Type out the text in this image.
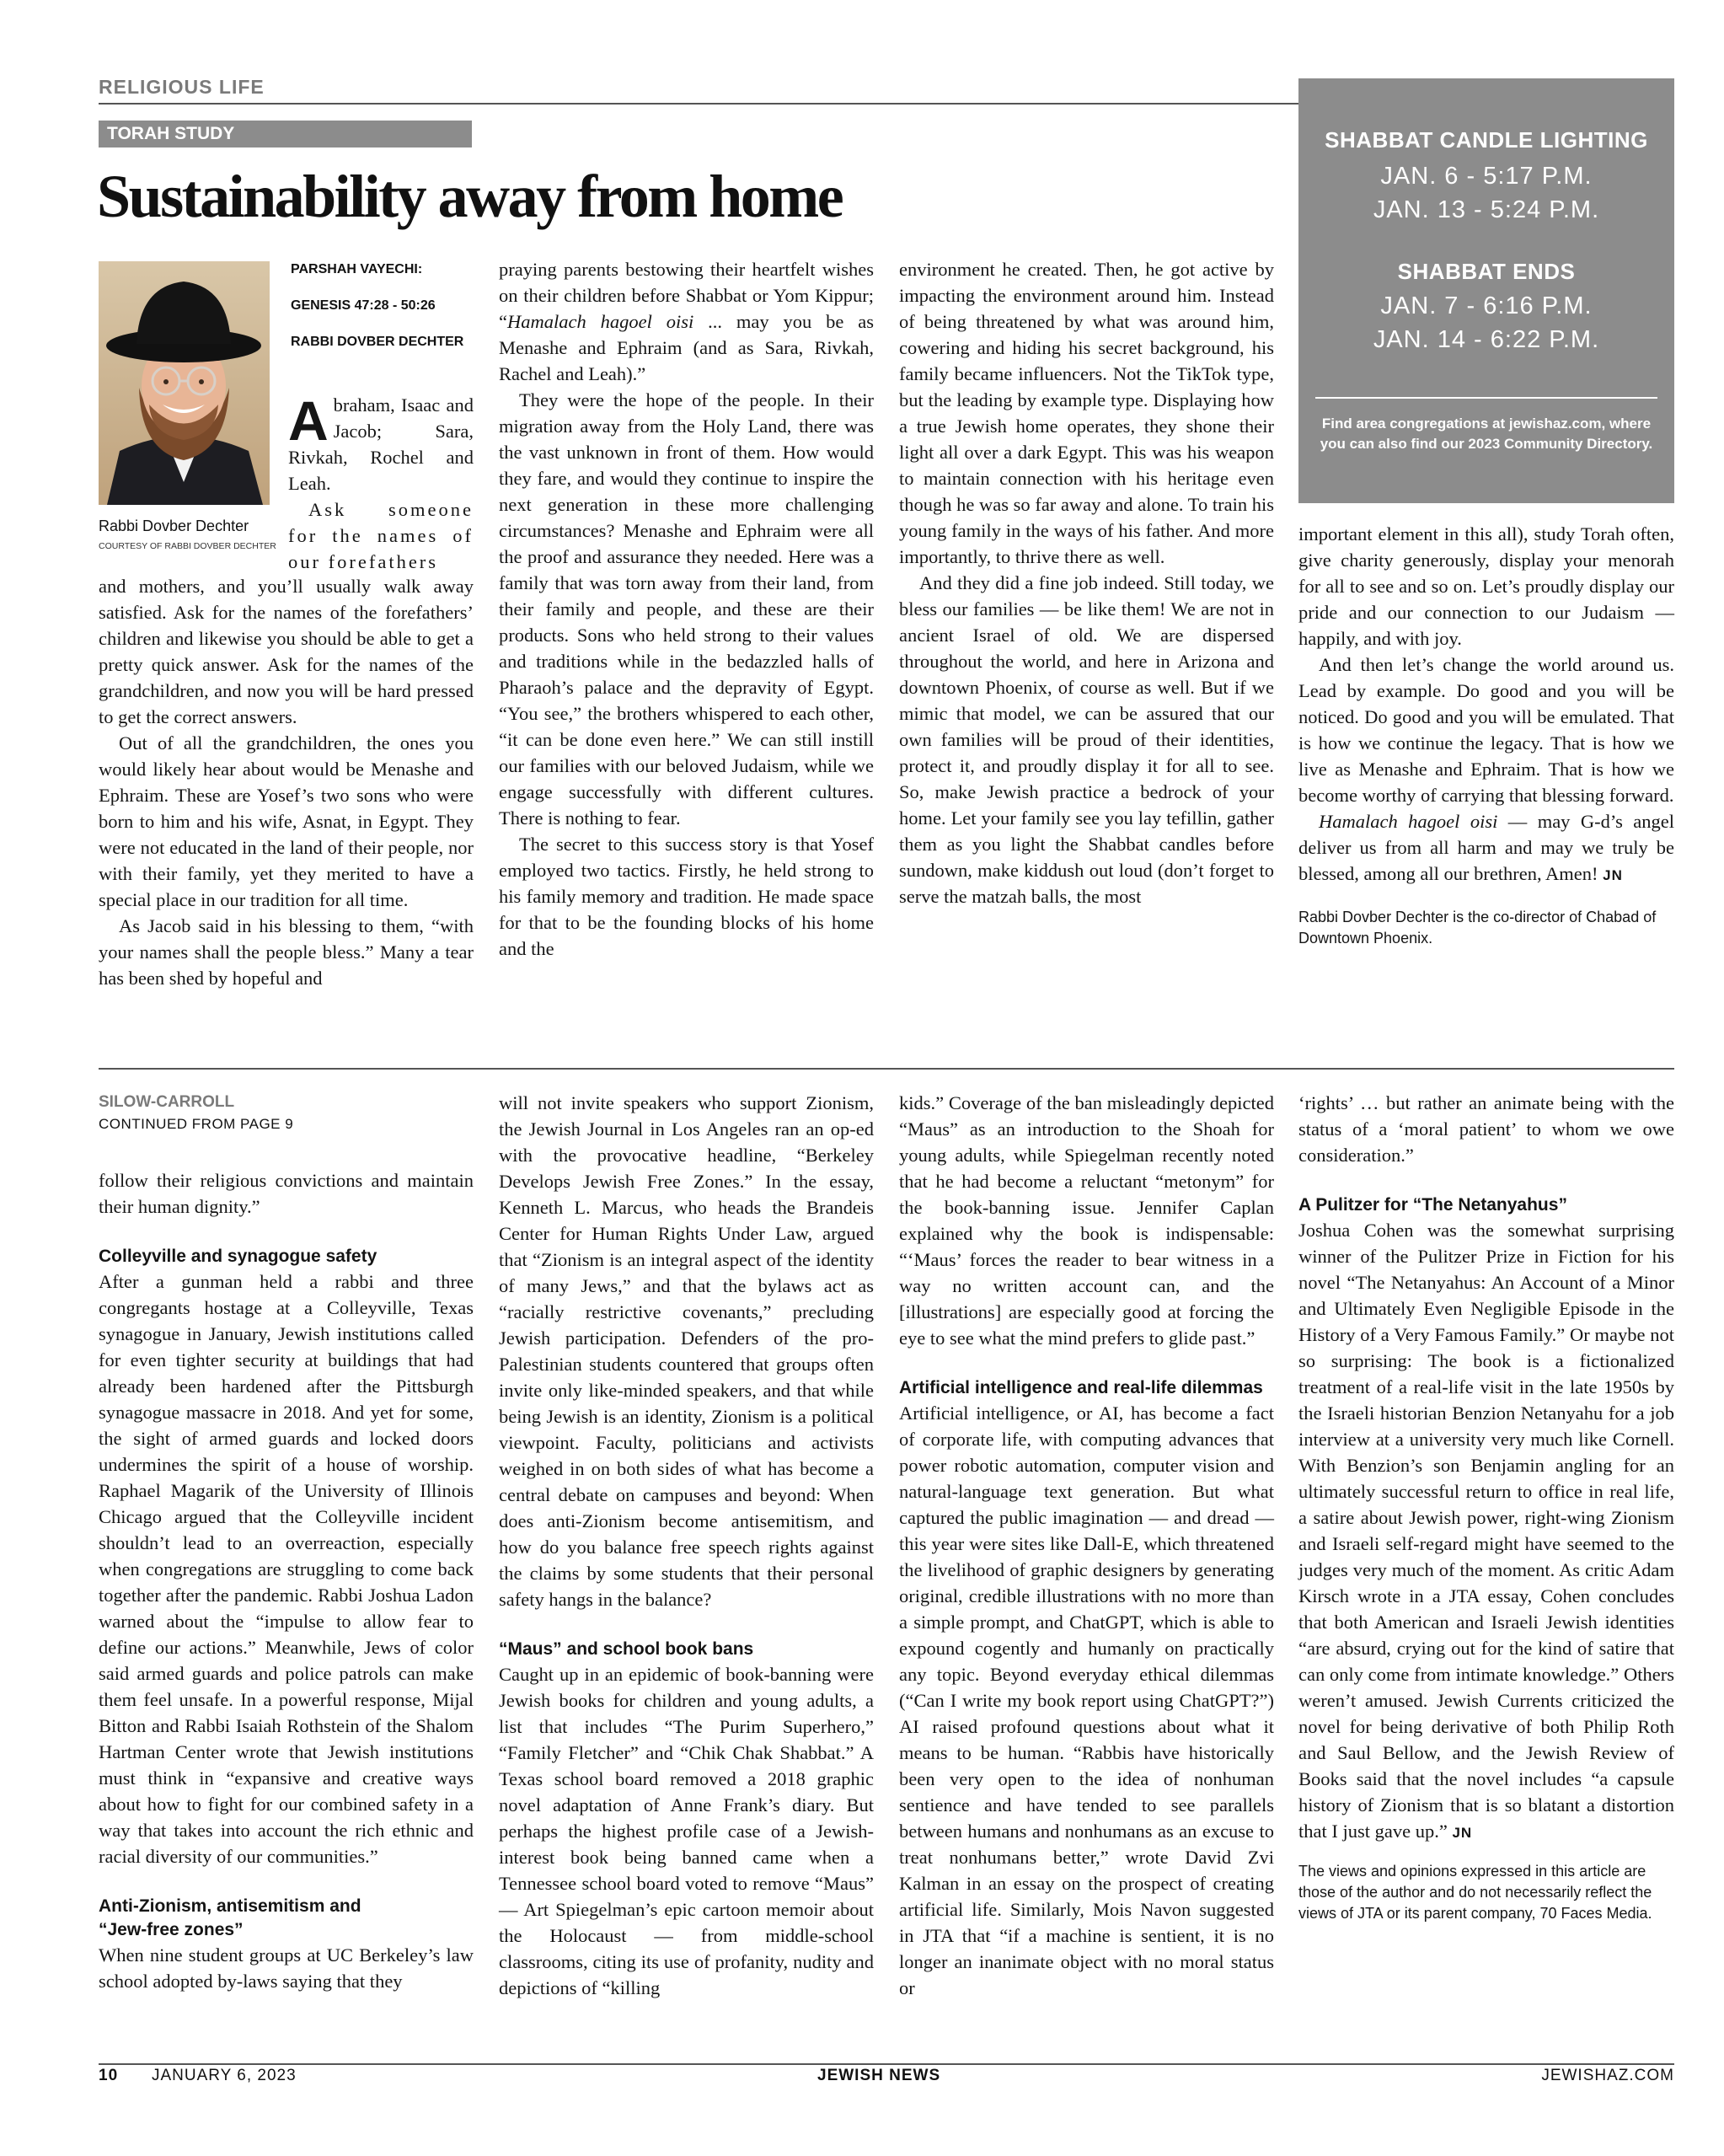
RELIGIOUS LIFE
TORAH STUDY
Sustainability away from home
SHABBAT CANDLE LIGHTING
JAN. 6 - 5:17 P.M.
JAN. 13 - 5:24 P.M.
SHABBAT ENDS
JAN. 7 - 6:16 P.M.
JAN. 14 - 6:22 P.M.
Find area congregations at jewishaz.com, where you can also find our 2023 Community Directory.
Rabbi Dovber Dechter
COURTESY OF RABBI DOVBER DECHTER
PARSHAH VAYECHI:
GENESIS 47:28 - 50:26
RABBI DOVBER DECHTER

Abraham, Isaac and Jacob; Sara, Rivkah, Rochel and Leah.

Ask someone for the names of our forefathers

and mothers, and you’ll usually walk away satisfied. Ask for the names of the forefathers’ children and likewise you should be able to get a pretty quick answer. Ask for the names of the grandchildren, and now you will be hard pressed to get the correct answers.

Out of all the grandchildren, the ones you would likely hear about would be Menashe and Ephraim. These are Yosef’s two sons who were born to him and his wife, Asnat, in Egypt. They were not educated in the land of their people, nor with their family, yet they merited to have a special place in our tradition for all time.

As Jacob said in his blessing to them, “with your names shall the people bless.” Many a tear has been shed by hopeful and

praying parents bestowing their heartfelt wishes on their children before Shabbat or Yom Kippur; “Hamalach hagoel oisi ... may you be as Menashe and Ephraim (and as Sara, Rivkah, Rachel and Leah).”

They were the hope of the people. In their migration away from the Holy Land, there was the vast unknown in front of them. How would they fare, and would they continue to inspire the next generation in these more challenging circumstances? Menashe and Ephraim were all the proof and assurance they needed. Here was a family that was torn away from their land, from their family and people, and these are their products. Sons who held strong to their values and traditions while in the bedazzled halls of Pharaoh’s palace and the depravity of Egypt. “You see,” the brothers whispered to each other, “it can be done even here.” We can still instill our families with our beloved Judaism, while we engage successfully with different cultures. There is nothing to fear.

The secret to this success story is that Yosef employed two tactics. Firstly, he held strong to his family memory and tradition. He made space for that to be the founding blocks of his home and the

environment he created. Then, he got active by impacting the environment around him. Instead of being threatened by what was around him, cowering and hiding his secret background, his family became influencers. Not the TikTok type, but the leading by example type. Displaying how a true Jewish home operates, they shone their light all over a dark Egypt. This was his weapon to maintain connection with his heritage even though he was so far away and alone. To train his young family in the ways of his father. And more importantly, to thrive there as well.

And they did a fine job indeed. Still today, we bless our families — be like them! We are not in ancient Israel of old. We are dispersed throughout the world, and here in Arizona and downtown Phoenix, of course as well. But if we mimic that model, we can be assured that our own families will be proud of their identities, protect it, and proudly display it for all to see. So, make Jewish practice a bedrock of your home. Let your family see you lay tefillin, gather them as you light the Shabbat candles before sundown, make kiddush out loud (don’t forget to serve the matzah balls, the most

important element in this all), study Torah often, give charity generously, display your menorah for all to see and so on. Let’s proudly display our pride and our connection to our Judaism — happily, and with joy.

And then let’s change the world around us. Lead by example. Do good and you will be noticed. Do good and you will be emulated. That is how we continue the legacy. That is how we live as Menashe and Ephraim. That is how we become worthy of carrying that blessing forward.

Hamalach hagoel oisi — may G-d’s angel deliver us from all harm and may we truly be blessed, among all our brethren, Amen! JN

Rabbi Dovber Dechter is the co-director of Chabad of Downtown Phoenix.
SILOW-CARROLL
CONTINUED FROM PAGE 9

follow their religious convictions and maintain their human dignity.”

Colleyville and synagogue safety

After a gunman held a rabbi and three congregants hostage at a Colleyville, Texas synagogue in January, Jewish institutions called for even tighter security at buildings that had already been hardened after the Pittsburgh synagogue massacre in 2018. And yet for some, the sight of armed guards and locked doors undermines the spirit of a house of worship. Raphael Magarik of the University of Illinois Chicago argued that the Colleyville incident shouldn’t lead to an overreaction, especially when congregations are struggling to come back together after the pandemic. Rabbi Joshua Ladon warned about the “impulse to allow fear to define our actions.” Meanwhile, Jews of color said armed guards and police patrols can make them feel unsafe. In a powerful response, Mijal Bitton and Rabbi Isaiah Rothstein of the Shalom Hartman Center wrote that Jewish institutions must think in “expansive and creative ways about how to fight for our combined safety in a way that takes into account the rich ethnic and racial diversity of our communities.”

Anti-Zionism, antisemitism and
“Jew-free zones”

When nine student groups at UC Berkeley’s law school adopted by-laws saying that they

will not invite speakers who support Zionism, the Jewish Journal in Los Angeles ran an op-ed with the provocative headline, “Berkeley Develops Jewish Free Zones.” In the essay, Kenneth L. Marcus, who heads the Brandeis Center for Human Rights Under Law, argued that “Zionism is an integral aspect of the identity of many Jews,” and that the bylaws act as “racially restrictive covenants,” precluding Jewish participation. Defenders of the pro-Palestinian students countered that groups often invite only like-minded speakers, and that while being Jewish is an identity, Zionism is a political viewpoint. Faculty, politicians and activists weighed in on both sides of what has become a central debate on campuses and beyond: When does anti-Zionism become antisemitism, and how do you balance free speech rights against the claims by some students that their personal safety hangs in the balance?

“Maus” and school book bans

Caught up in an epidemic of book-banning were Jewish books for children and young adults, a list that includes “The Purim Superhero,” “Family Fletcher” and “Chik Chak Shabbat.” A Texas school board removed a 2018 graphic novel adaptation of Anne Frank’s diary. But perhaps the highest profile case of a Jewish-interest book being banned came when a Tennessee school board voted to remove “Maus” — Art Spiegelman’s epic cartoon memoir about the Holocaust — from middle-school classrooms, citing its use of profanity, nudity and depictions of “killing

kids.” Coverage of the ban misleadingly depicted “Maus” as an introduction to the Shoah for young adults, while Spiegelman recently noted that he had become a reluctant “metonym” for the book-banning issue. Jennifer Caplan explained why the book is indispensable: “‘Maus’ forces the reader to bear witness in a way no written account can, and the [illustrations] are especially good at forcing the eye to see what the mind prefers to glide past.”

Artificial intelligence and real-life dilemmas

Artificial intelligence, or AI, has become a fact of corporate life, with computing advances that power robotic automation, computer vision and natural-language text generation. But what captured the public imagination — and dread — this year were sites like Dall-E, which threatened the livelihood of graphic designers by generating original, credible illustrations with no more than a simple prompt, and ChatGPT, which is able to expound cogently and humanly on practically any topic. Beyond everyday ethical dilemmas (“Can I write my book report using ChatGPT?”) AI raised profound questions about what it means to be human. “Rabbis have historically been very open to the idea of nonhuman sentience and have tended to see parallels between humans and nonhumans as an excuse to treat nonhumans better,” wrote David Zvi Kalman in an essay on the prospect of creating artificial life. Similarly, Mois Navon suggested in JTA that “if a machine is sentient, it is no longer an inanimate object with no moral status or

‘rights’ … but rather an animate being with the status of a ‘moral patient’ to whom we owe consideration.”

A Pulitzer for “The Netanyahus”

Joshua Cohen was the somewhat surprising winner of the Pulitzer Prize in Fiction for his novel “The Netanyahus: An Account of a Minor and Ultimately Even Negligible Episode in the History of a Very Famous Family.” Or maybe not so surprising: The book is a fictionalized treatment of a real-life visit in the late 1950s by the Israeli historian Benzion Netanyahu for a job interview at a university very much like Cornell. With Benzion’s son Benjamin angling for an ultimately successful return to office in real life, a satire about Jewish power, right-wing Zionism and Israeli self-regard might have seemed to the judges very much of the moment. As critic Adam Kirsch wrote in a JTA essay, Cohen concludes that both American and Israeli Jewish identities “are absurd, crying out for the kind of satire that can only come from intimate knowledge.” Others weren’t amused. Jewish Currents criticized the novel for being derivative of both Philip Roth and Saul Bellow, and the Jewish Review of Books said that the novel includes “a capsule history of Zionism that is so blatant a distortion that I just gave up.” JN

The views and opinions expressed in this article are those of the author and do not necessarily reflect the views of JTA or its parent company, 70 Faces Media.
10 JANUARY 6, 2023	JEWISH NEWS	JEWISHAZ.COM
